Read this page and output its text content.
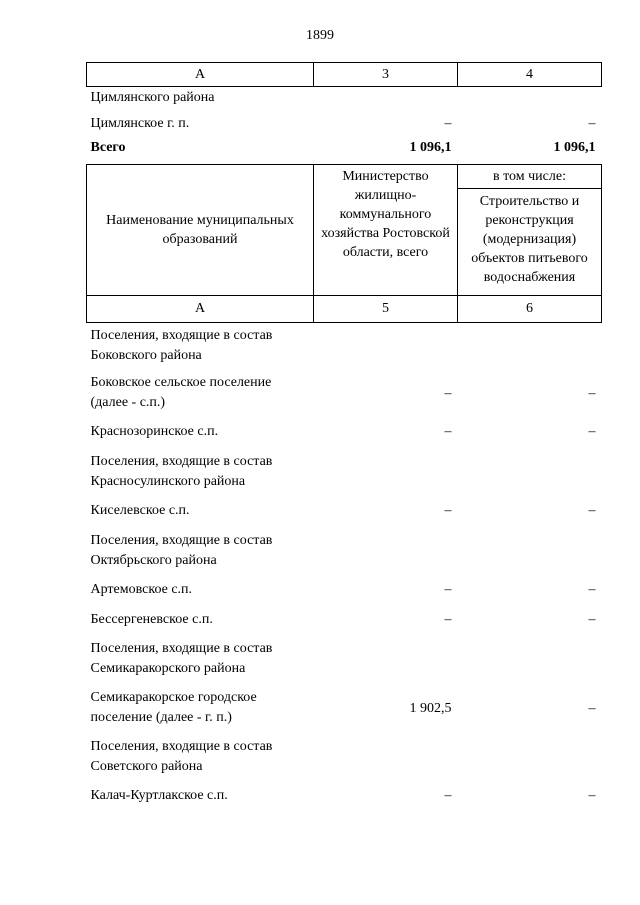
1899
А	3	4
Цимлянского района		
Цимлянское г. п.	–	–
Всего	1 096,1	1 096,1
Наименование муниципальных образований	Министерство жилищно-коммунального хозяйства Ростовской области, всего	в том числе:
		Строительство и реконструкция (модернизация) объектов питьевого водоснабжения
А	5	6
Поселения, входящие в состав Боковского района		
Боковское сельское поселение (далее - с.п.)	–	–
Краснозоринское с.п.	–	–
Поселения, входящие в состав Красносулинского района		
Киселевское с.п.	–	–
Поселения, входящие в состав Октябрьского района		
Артемовское с.п.	–	–
Бессергеневское с.п.	–	–
Поселения, входящие в состав Семикаракорского района		
Семикаракорское городское поселение (далее - г. п.)	1 902,5	–
Поселения, входящие в состав Советского района		
Калач-Куртлакское с.п.	–	–
